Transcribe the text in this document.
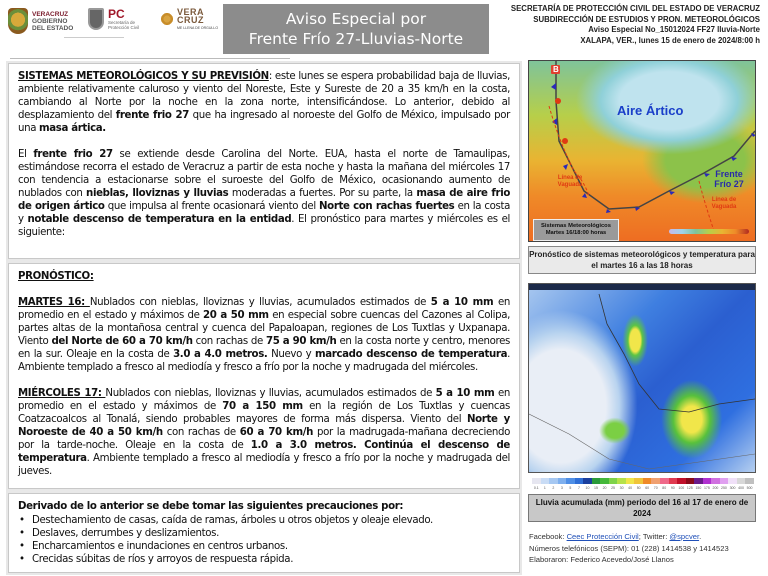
VERACRUZ
GOBIERNO
DEL ESTADO
PC
Secretaría de
Protección Civil
VERA
CRUZ
ME LLENA DE ORGULLO	Aviso Especial por
Frente Frío 27-Lluvias-Norte
SECRETARÍA DE PROTECCIÓN CIVIL DEL ESTADO DE VERACRUZ
SUBDIRECCIÓN DE ESTUDIOS Y PRON. METEOROLÓGICOS
Aviso Especial No_15012024 FF27 lluvia-Norte
XALAPA, VER., lunes 15 de enero de 2024/8:00 h

SISTEMAS METEOROLÓGICOS Y SU PREVISIÓN: este lunes se espera probabilidad baja de lluvias, ambiente relativamente caluroso y viento del Noreste, Este y Sureste de 20 a 35 km/h en la costa, cambiando al Norte por la noche en la zona norte, intensificándose. Lo anterior, debido al desplazamiento del frente frio 27 que ha ingresado al noroeste del Golfo de México, impulsado por una masa ártica.

El frente frio 27 se extiende desde Carolina del Norte. EUA, hasta el norte de Tamaulipas, estimándose recorra el estado de Veracruz a partir de esta noche y hasta la mañana del miércoles 17 con tendencia a estacionarse sobre el suroeste del Golfo de México, ocasionando aumento de nublados con nieblas, lloviznas y lluvias moderadas a fuertes. Por su parte, la masa de aire frio de origen ártico que impulsa al frente ocasionará viento del Norte con rachas fuertes en la costa y notable descenso de temperatura en la entidad. El pronóstico para martes y miércoles es el siguiente:

PRONÓSTICO:

MARTES 16: Nublados con nieblas, lloviznas y lluvias, acumulados estimados de 5 a 10 mm en promedio en el estado y máximos de 20 a 50 mm en especial sobre cuencas del Cazones al Colipa, partes altas de la montañosa central y cuenca del Papaloapan, regiones de Los Tuxtlas y Uxpanapa. Viento del Norte de 60 a 70 km/h con rachas de 75 a 90 km/h en la costa norte y centro, menores en la sur. Oleaje en la costa de 3.0 a 4.0 metros. Nuevo y marcado descenso de temperatura. Ambiente templado a fresco al mediodía y fresco a frío por la noche y madrugada del miércoles.

MIÉRCOLES 17: Nublados con nieblas, lloviznas y lluvias, acumulados estimados de 5 a 10 mm en promedio en el estado y máximos de 70 a 150 mm en la región de Los Tuxtlas y cuencas Coatzacoalcos al Tonalá, siendo probables mayores de forma más dispersa. Viento del Norte y Noroeste de 40 a 50 km/h con rachas de 60 a 70 km/h por la madrugada-mañana decreciendo por la tarde-noche. Oleaje en la costa de 1.0 a 3.0 metros. Continúa el descenso de temperatura. Ambiente templado a fresco al mediodía y fresco a frío por la noche y madrugada del jueves.

Derivado de lo anterior se debe tomar las siguientes precauciones por:
• Destechamiento de casas, caída de ramas, árboles u otros objetos y oleaje elevado.
• Deslaves, derrumbes y deslizamientos.
• Encharcamientos e inundaciones en centros urbanos.
• Crecidas súbitas de ríos y arroyos de respuesta rápida.
B
Aire Ártico
Frente Frío 27
Línea de Vaguada
Línea de Vaguada
Sistemas Meteorológicos
Martes 16/18:00 horas
Pronóstico de sistemas meteorológicos y temperatura para el martes 16 a las 18 horas
0.1	1	2	3	5	7	10	15	20	25	30	40	50	60	70	80	90	100 125 150 175 200 250 300 400 500
Lluvia acumulada (mm) periodo del 16 al 17 de enero de 2024
Facebook: Ceec Protección Civil; Twitter: @spcver.
Números telefónicos (SEPM): 01 (228) 1414538 y 1414523
Elaboraron: Federico Acevedo/José Llanos
